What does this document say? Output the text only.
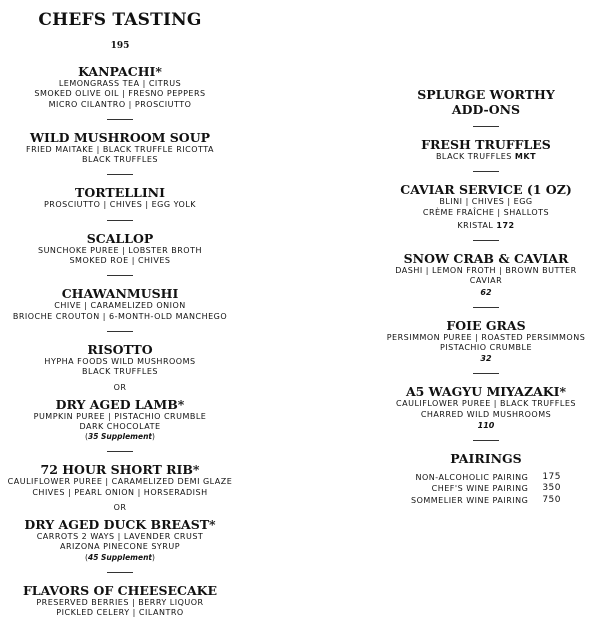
CHEFS TASTING
195
KANPACHI*
LEMONGRASS TEA | CITRUS
SMOKED OLIVE OIL | FRESNO PEPPERS
MICRO CILANTRO | PROSCIUTTO
WILD MUSHROOM SOUP
FRIED MAITAKE | BLACK TRUFFLE RICOTTA
BLACK TRUFFLES
TORTELLINI
PROSCIUTTO | CHIVES | EGG YOLK
SCALLOP
SUNCHOKE PUREE | LOBSTER BROTH
SMOKED ROE | CHIVES
CHAWANMUSHI
CHIVE | CARAMELIZED ONION
BRIOCHE CROUTON | 6-MONTH-OLD MANCHEGO
RISOTTO
HYPHA FOODS WILD MUSHROOMS
BLACK TRUFFLES
OR
DRY AGED LAMB*
PUMPKIN PUREE | PISTACHIO CRUMBLE
DARK CHOCOLATE
(35 Supplement)
72 HOUR SHORT RIB*
CAULIFLOWER PUREE | CARAMELIZED DEMI GLAZE
CHIVES | PEARL ONION | HORSERADISH
OR
DRY AGED DUCK BREAST*
CARROTS 2 WAYS | LAVENDER CRUST
ARIZONA PINECONE SYRUP
(45 Supplement)
FLAVORS OF CHEESECAKE
PRESERVED BERRIES | BERRY LIQUOR
PICKLED CELERY | CILANTRO
SPLURGE WORTHY
ADD-ONS
FRESH TRUFFLES
BLACK TRUFFLES MKT
CAVIAR SERVICE (1 OZ)
BLINI | CHIVES | EGG
CRÈME FRAÎCHE | SHALLOTS
KRISTAL 172
SNOW CRAB & CAVIAR
DASHI | LEMON FROTH | BROWN BUTTER
CAVIAR
62
FOIE GRAS
PERSIMMON PUREE | ROASTED PERSIMMONS
PISTACHIO CRUMBLE
32
A5 WAGYU MIYAZAKI*
CAULIFLOWER PUREE | BLACK TRUFFLES
CHARRED WILD MUSHROOMS
110
PAIRINGS
NON-ALCOHOLIC PAIRING	175
CHEF'S WINE PAIRING	350
SOMMELIER WINE PAIRING	750
